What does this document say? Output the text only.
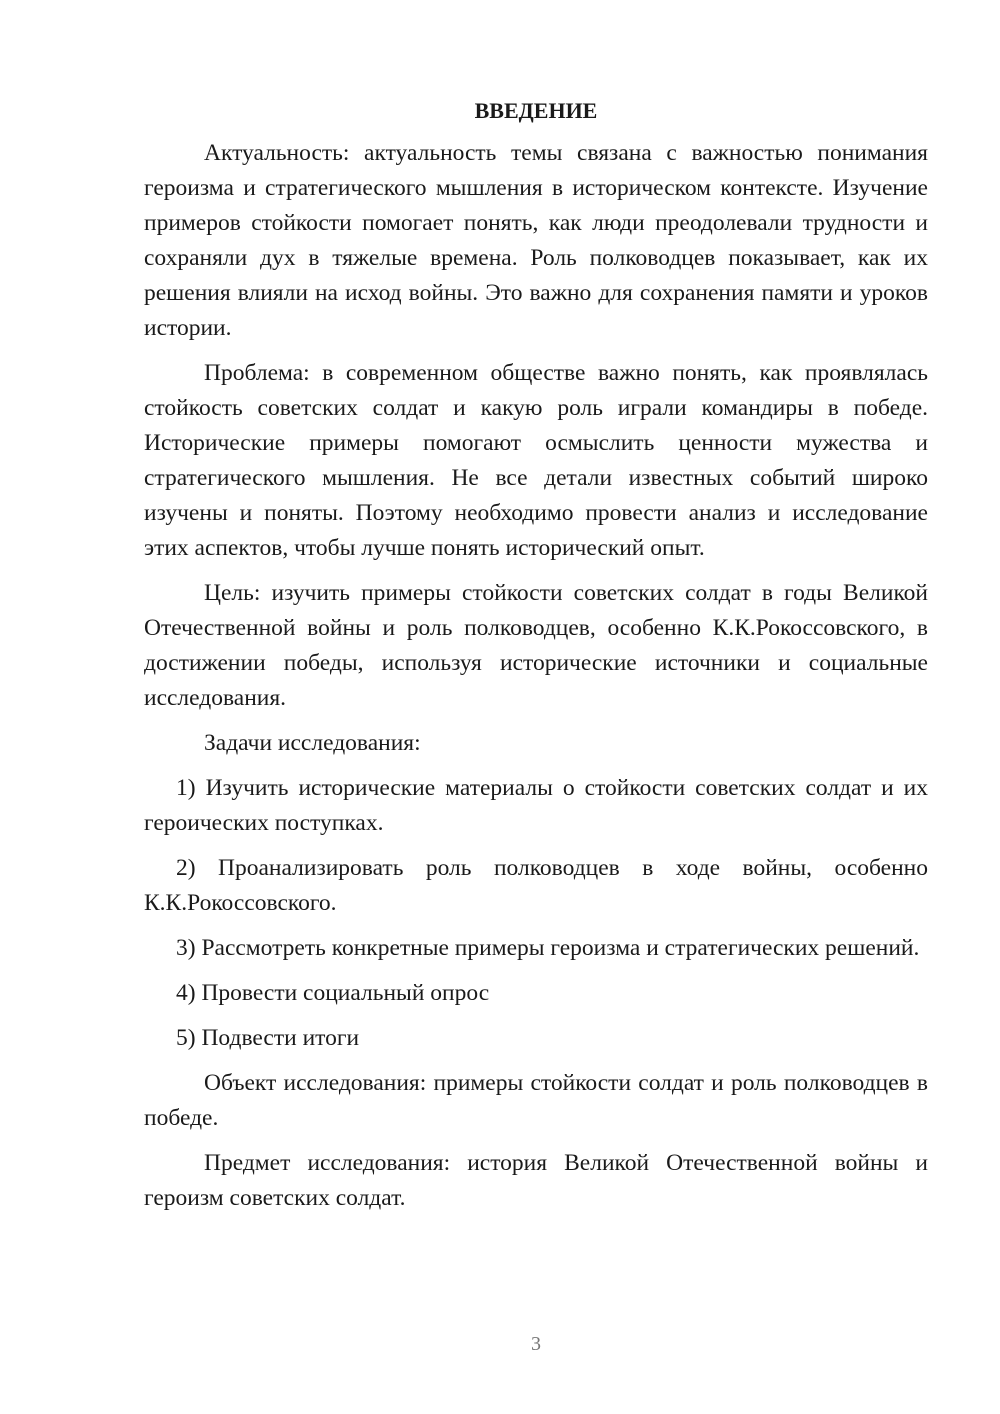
ВВЕДЕНИЕ

Актуальность: актуальность темы связана с важностью понимания героизма и стратегического мышления в историческом контексте. Изучение примеров стойкости помогает понять, как люди преодолевали трудности и сохраняли дух в тяжелые времена. Роль полководцев показывает, как их решения влияли на исход войны. Это важно для сохранения памяти и уроков истории.

Проблема: в современном обществе важно понять, как проявлялась стойкость советских солдат и какую роль играли командиры в победе. Исторические примеры помогают осмыслить ценности мужества и стратегического мышления. Не все детали известных событий широко изучены и поняты. Поэтому необходимо провести анализ и исследование этих аспектов, чтобы лучше понять исторический опыт.

Цель: изучить примеры стойкости советских солдат в годы Великой Отечественной войны и роль полководцев, особенно К.К.Рокоссовского, в достижении победы, используя исторические источники и социальные исследования.

Задачи исследования:

1) Изучить исторические материалы о стойкости советских солдат и их героических поступках.

2) Проанализировать роль полководцев в ходе войны, особенно К.К.Рокоссовского.

3) Рассмотреть конкретные примеры героизма и стратегических решений.

4) Провести социальный опрос

5) Подвести итоги

Объект исследования: примеры стойкости солдат и роль полководцев в победе.

Предмет исследования: история Великой Отечественной войны и героизм советских солдат.

3
